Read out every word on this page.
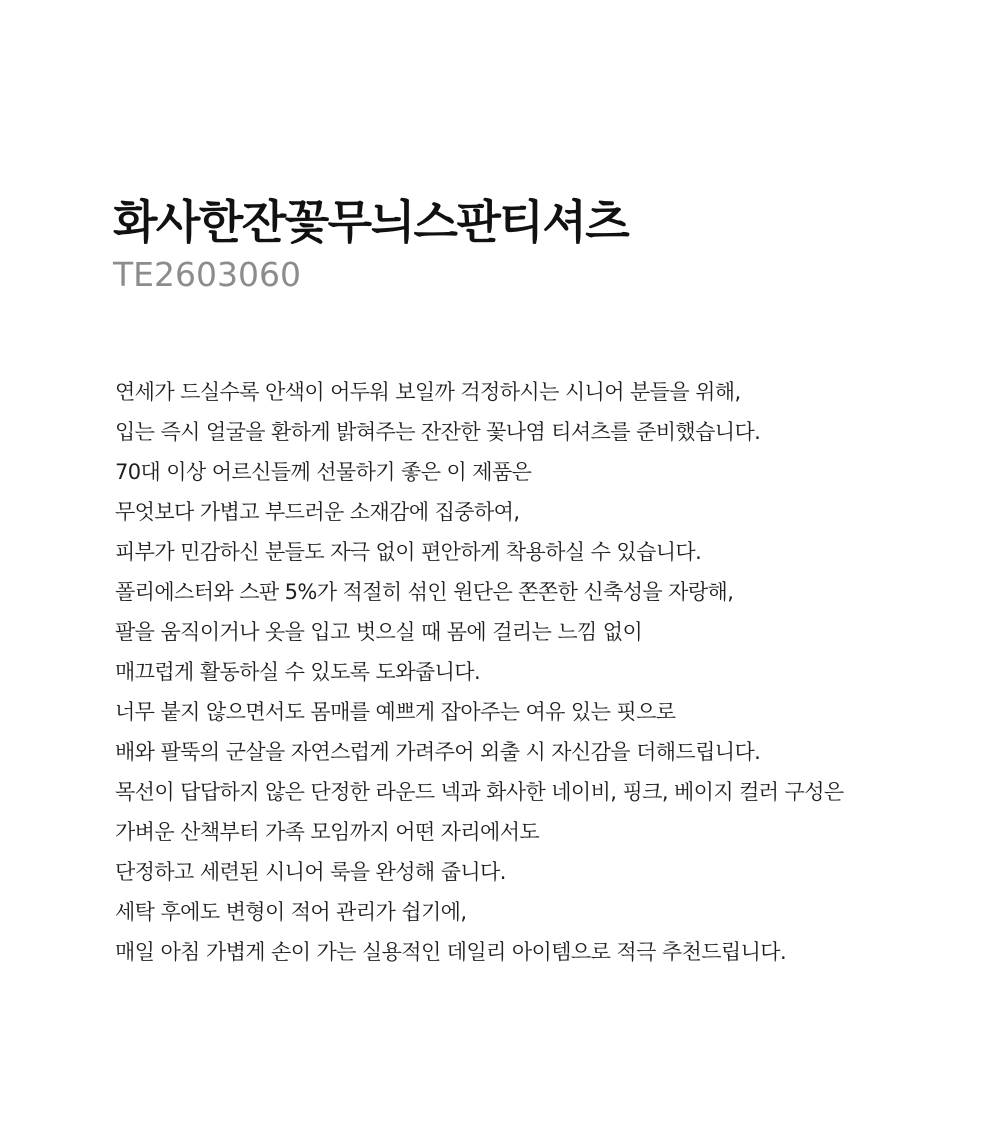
화사한잔꽃무늬스판티셔츠

TE2603060

연세가 드실수록 안색이 어두워 보일까 걱정하시는 시니어 분들을 위해,
입는 즉시 얼굴을 환하게 밝혀주는 잔잔한 꽃나염 티셔츠를 준비했습니다.
70대 이상 어르신들께 선물하기 좋은 이 제품은
무엇보다 가볍고 부드러운 소재감에 집중하여,
피부가 민감하신 분들도 자극 없이 편안하게 착용하실 수 있습니다.
폴리에스터와 스판 5%가 적절히 섞인 원단은 쫀쫀한 신축성을 자랑해,
팔을 움직이거나 옷을 입고 벗으실 때 몸에 걸리는 느낌 없이
매끄럽게 활동하실 수 있도록 도와줍니다.
너무 붙지 않으면서도 몸매를 예쁘게 잡아주는 여유 있는 핏으로
배와 팔뚝의 군살을 자연스럽게 가려주어 외출 시 자신감을 더해드립니다.
목선이 답답하지 않은 단정한 라운드 넥과 화사한 네이비, 핑크, 베이지 컬러 구성은
가벼운 산책부터 가족 모임까지 어떤 자리에서도
단정하고 세련된 시니어 룩을 완성해 줍니다.
세탁 후에도 변형이 적어 관리가 쉽기에,
매일 아침 가볍게 손이 가는 실용적인 데일리 아이템으로 적극 추천드립니다.
